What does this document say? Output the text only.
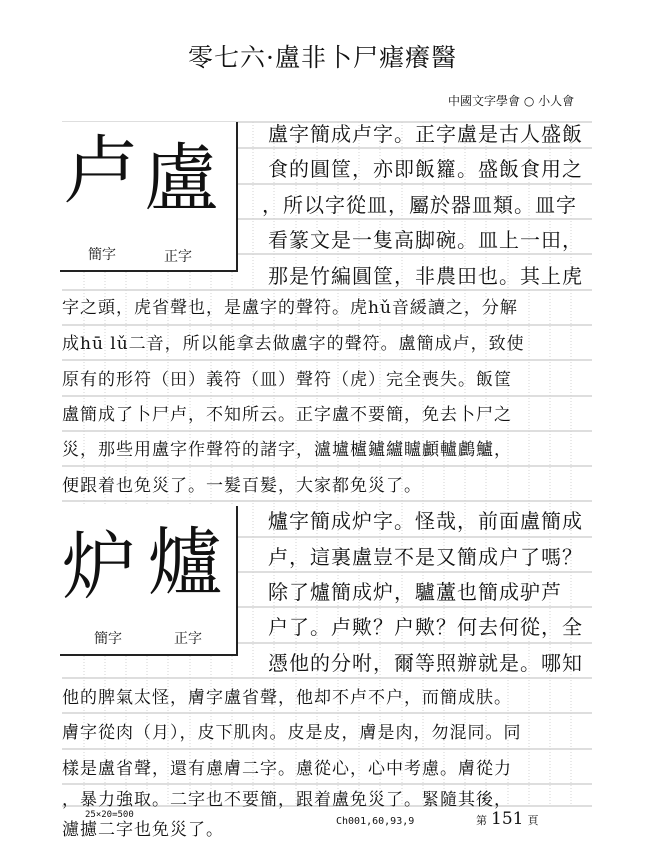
零七六·盧非卜尸瘧癢醫
中國文字學會 ○ 小人會
卢 盧
簡字	正字
炉 爐
簡字	正字
盧字簡成卢字。正字盧是古人盛飯
食的圓筐，亦即飯籮。盛飯食用之
，所以字從皿，屬於器皿類。皿字
看篆文是一隻高脚碗。皿上一田，
那是竹編圓筐，非農田也。其上虎
字之頭，虎省聲也，是盧字的聲符。虎hǔ音緩讀之，分解
成hū lǔ二音，所以能拿去做盧字的聲符。盧簡成卢，致使
原有的形符（田）義符（皿）聲符（虎）完全喪失。飯筐
盧簡成了卜尸卢，不知所云。正字盧不要簡，免去卜尸之
災，那些用盧字作聲符的諸字，瀘壚櫨鑪纑矑顱轤鸕鱸，
便跟着也免災了。一髮百髮，大家都免災了。
爐字簡成炉字。怪哉，前面盧簡成
卢，這裏盧豈不是又簡成户了嗎？
除了爐簡成炉，驢蘆也簡成驴芦
户了。卢歟？户歟？何去何從，全
憑他的分咐，爾等照辦就是。哪知
他的脾氣太怪，膚字盧省聲，他却不卢不户，而簡成肤。
膚字從肉（月），皮下肌肉。皮是皮，膚是肉，勿混同。同
樣是盧省聲，還有慮膚二字。慮從心，心中考慮。膚從力
，暴力強取。二字也不要簡，跟着盧免災了。緊隨其後，
濾攄二字也免災了。
25×20=500
Ch001,60,93,9	第 151 頁
